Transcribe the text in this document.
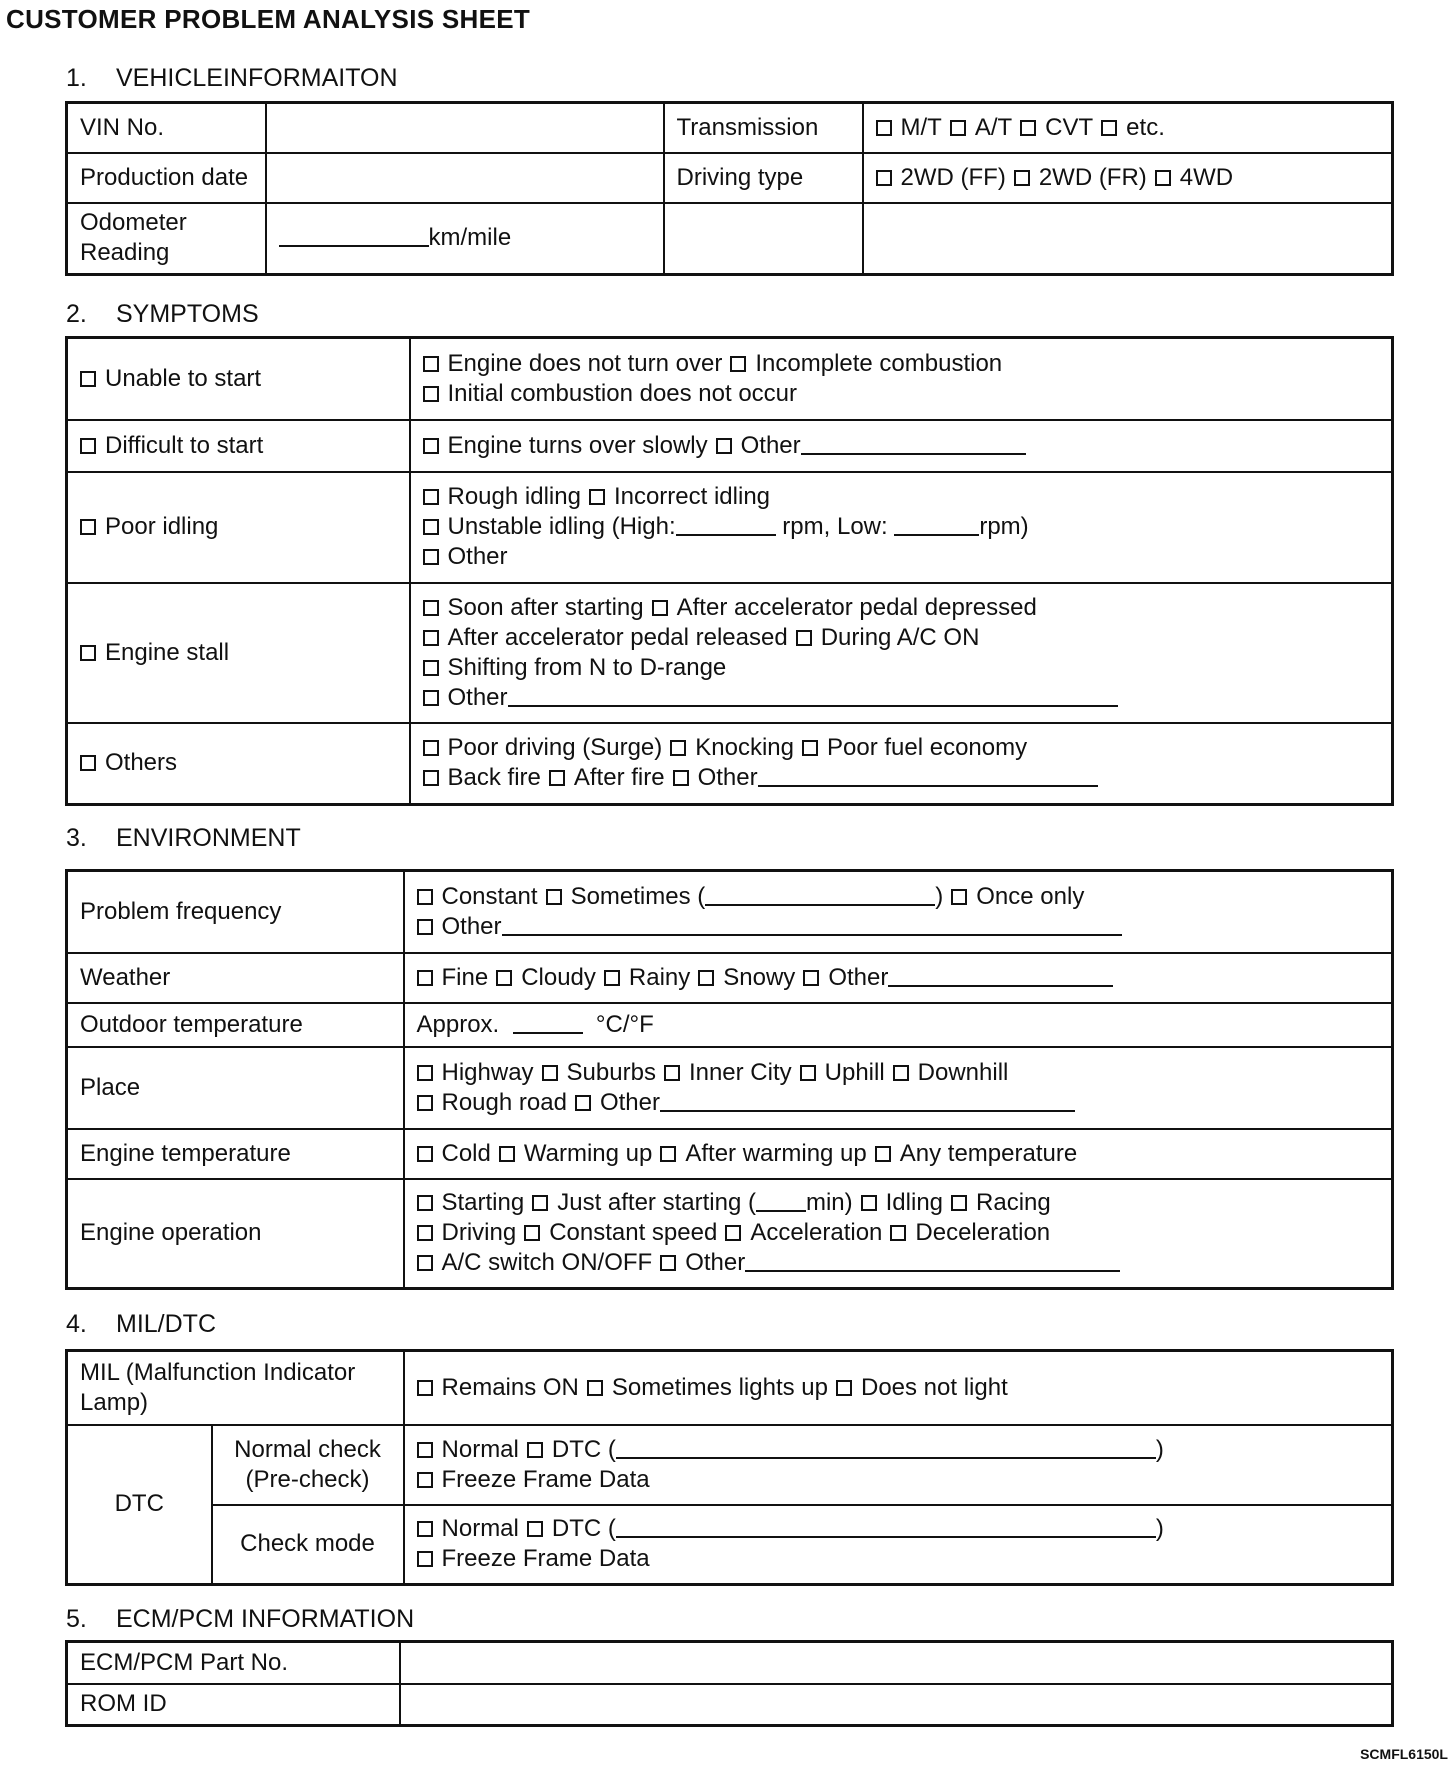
CUSTOMER PROBLEM ANALYSIS SHEET
1. VEHICLEINFORMAITON
VIN No.		Transmission	M/T A/T CVT etc.
Production date		Driving type	2WD (FF) 2WD (FR) 4WD
Odometer Reading	km/mile		
2. SYMPTOMS
Unable to start	Engine does not turn over Incomplete combustion
Initial combustion does not occur
Difficult to start	Engine turns over slowly Other
Poor idling	Rough idling Incorrect idling
Unstable idling (High: rpm, Low: rpm)
Other
Engine stall	Soon after starting After accelerator pedal depressed
After accelerator pedal released During A/C ON
Shifting from N to D-range
Other
Others	Poor driving (Surge) Knocking Poor fuel economy
Back fire After fire Other
3. ENVIRONMENT
Problem frequency	Constant Sometimes ( ) Once only
Other
Weather	Fine Cloudy Rainy Snowy Other
Outdoor temperature	Approx. °C/°F
Place	Highway Suburbs Inner City Uphill Downhill
Rough road Other
Engine temperature	Cold Warming up After warming up Any temperature
Engine operation	Starting Just after starting ( min) Idling Racing
Driving Constant speed Acceleration Deceleration
A/C switch ON/OFF Other
4. MIL/DTC
MIL (Malfunction Indicator Lamp)		Remains ON Sometimes lights up Does not light
DTC	Normal check
(Pre-check)	Normal DTC ( )
Freeze Frame Data
	Check mode	Normal DTC ( )
Freeze Frame Data
5. ECM/PCM INFORMATION
ECM/PCM Part No.	
ROM ID	
SCMFL6150L
